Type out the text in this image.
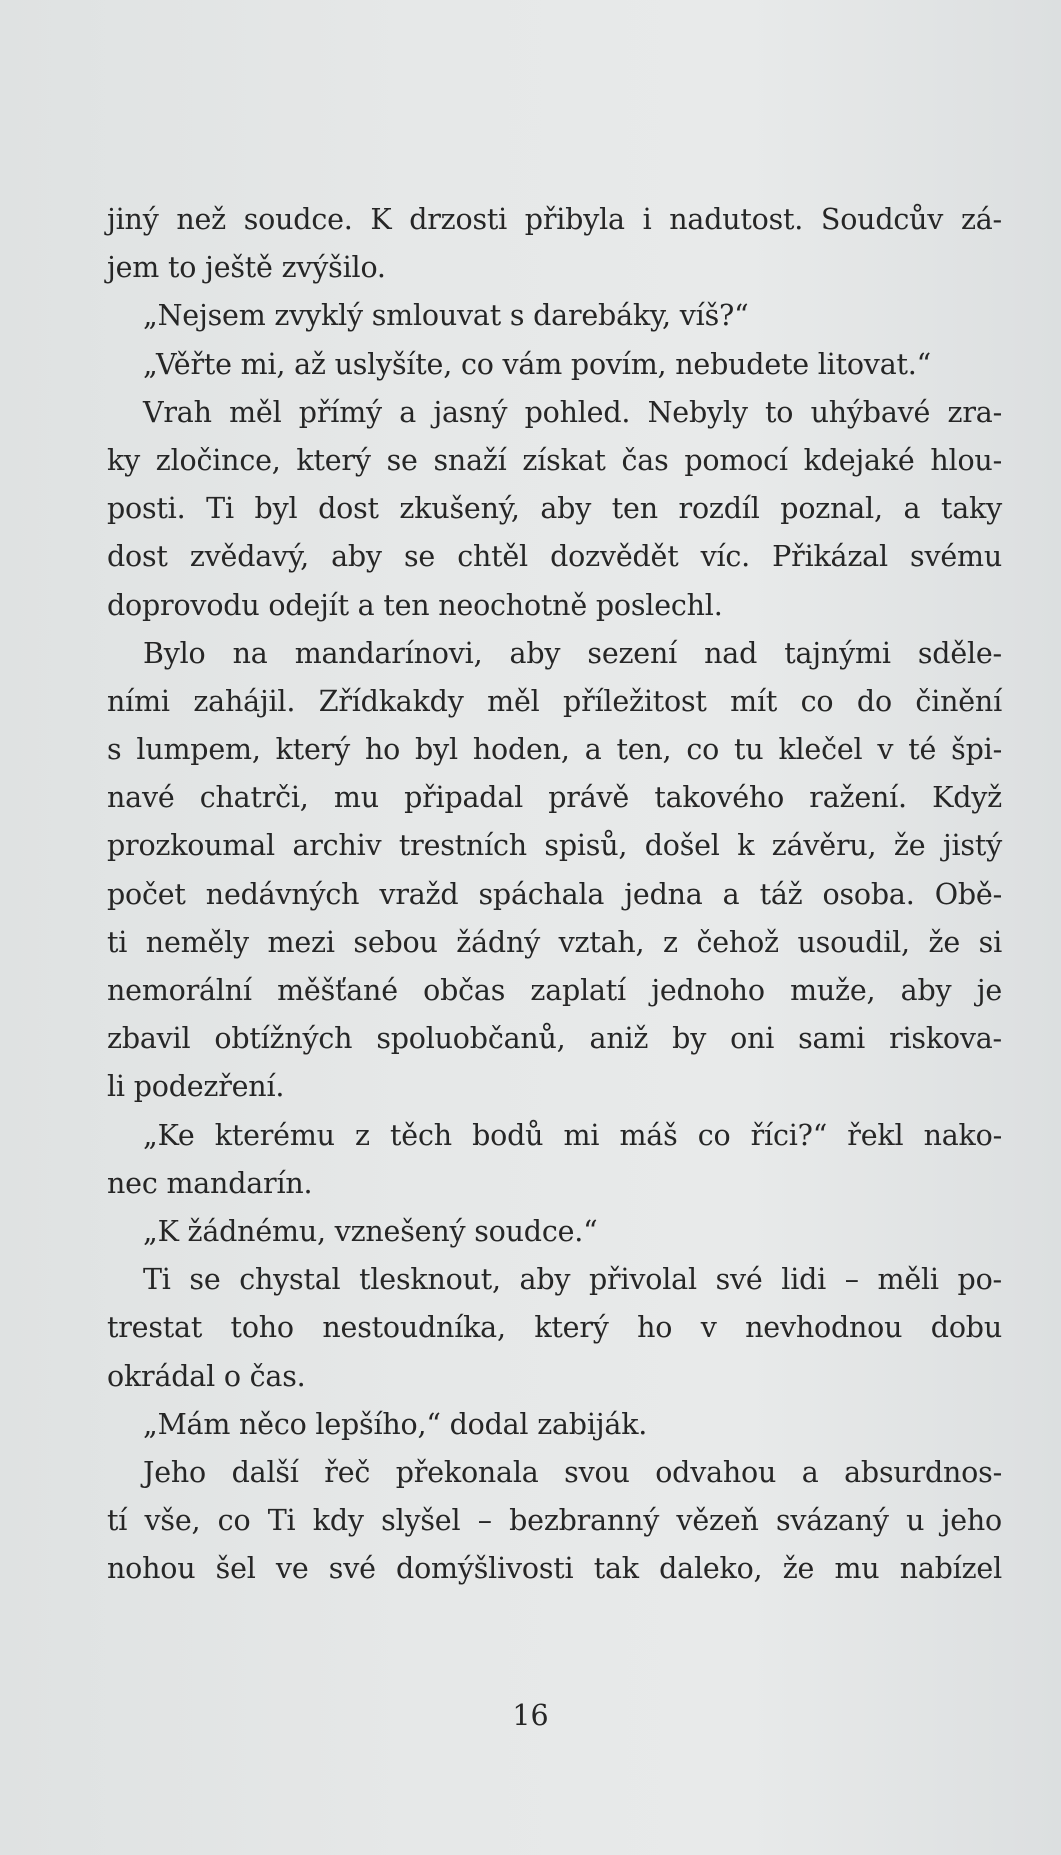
jiný než soudce. K drzosti přibyla i nadutost. Soudcův zá-
jem to ještě zvýšilo.
„Nejsem zvyklý smlouvat s darebáky, víš?“
„Věřte mi, až uslyšíte, co vám povím, nebudete litovat.“
Vrah měl přímý a jasný pohled. Nebyly to uhýbavé zra-
ky zločince, který se snaží získat čas pomocí kdejaké hlou-
posti. Ti byl dost zkušený, aby ten rozdíl poznal, a taky
dost zvědavý, aby se chtěl dozvědět víc. Přikázal svému
doprovodu odejít a ten neochotně poslechl.
Bylo na mandarínovi, aby sezení nad tajnými sděle-
ními zahájil. Zřídkakdy měl příležitost mít co do činění
s lumpem, který ho byl hoden, a ten, co tu klečel v té špi-
navé chatrči, mu připadal právě takového ražení. Když
prozkoumal archiv trestních spisů, došel k závěru, že jistý
počet nedávných vražd spáchala jedna a táž osoba. Obě-
ti neměly mezi sebou žádný vztah, z čehož usoudil, že si
nemorální měšťané občas zaplatí jednoho muže, aby je
zbavil obtížných spoluobčanů, aniž by oni sami riskova-
li podezření.
„Ke kterému z těch bodů mi máš co říci?“ řekl nako-
nec mandarín.
„K žádnému, vznešený soudce.“
Ti se chystal tlesknout, aby přivolal své lidi – měli po-
trestat toho nestoudníka, který ho v nevhodnou dobu
okrádal o čas.
„Mám něco lepšího,“ dodal zabiják.
Jeho další řeč překonala svou odvahou a absurdnos-
tí vše, co Ti kdy slyšel – bezbranný vězeň svázaný u jeho
nohou šel ve své domýšlivosti tak daleko, že mu nabízel
16
